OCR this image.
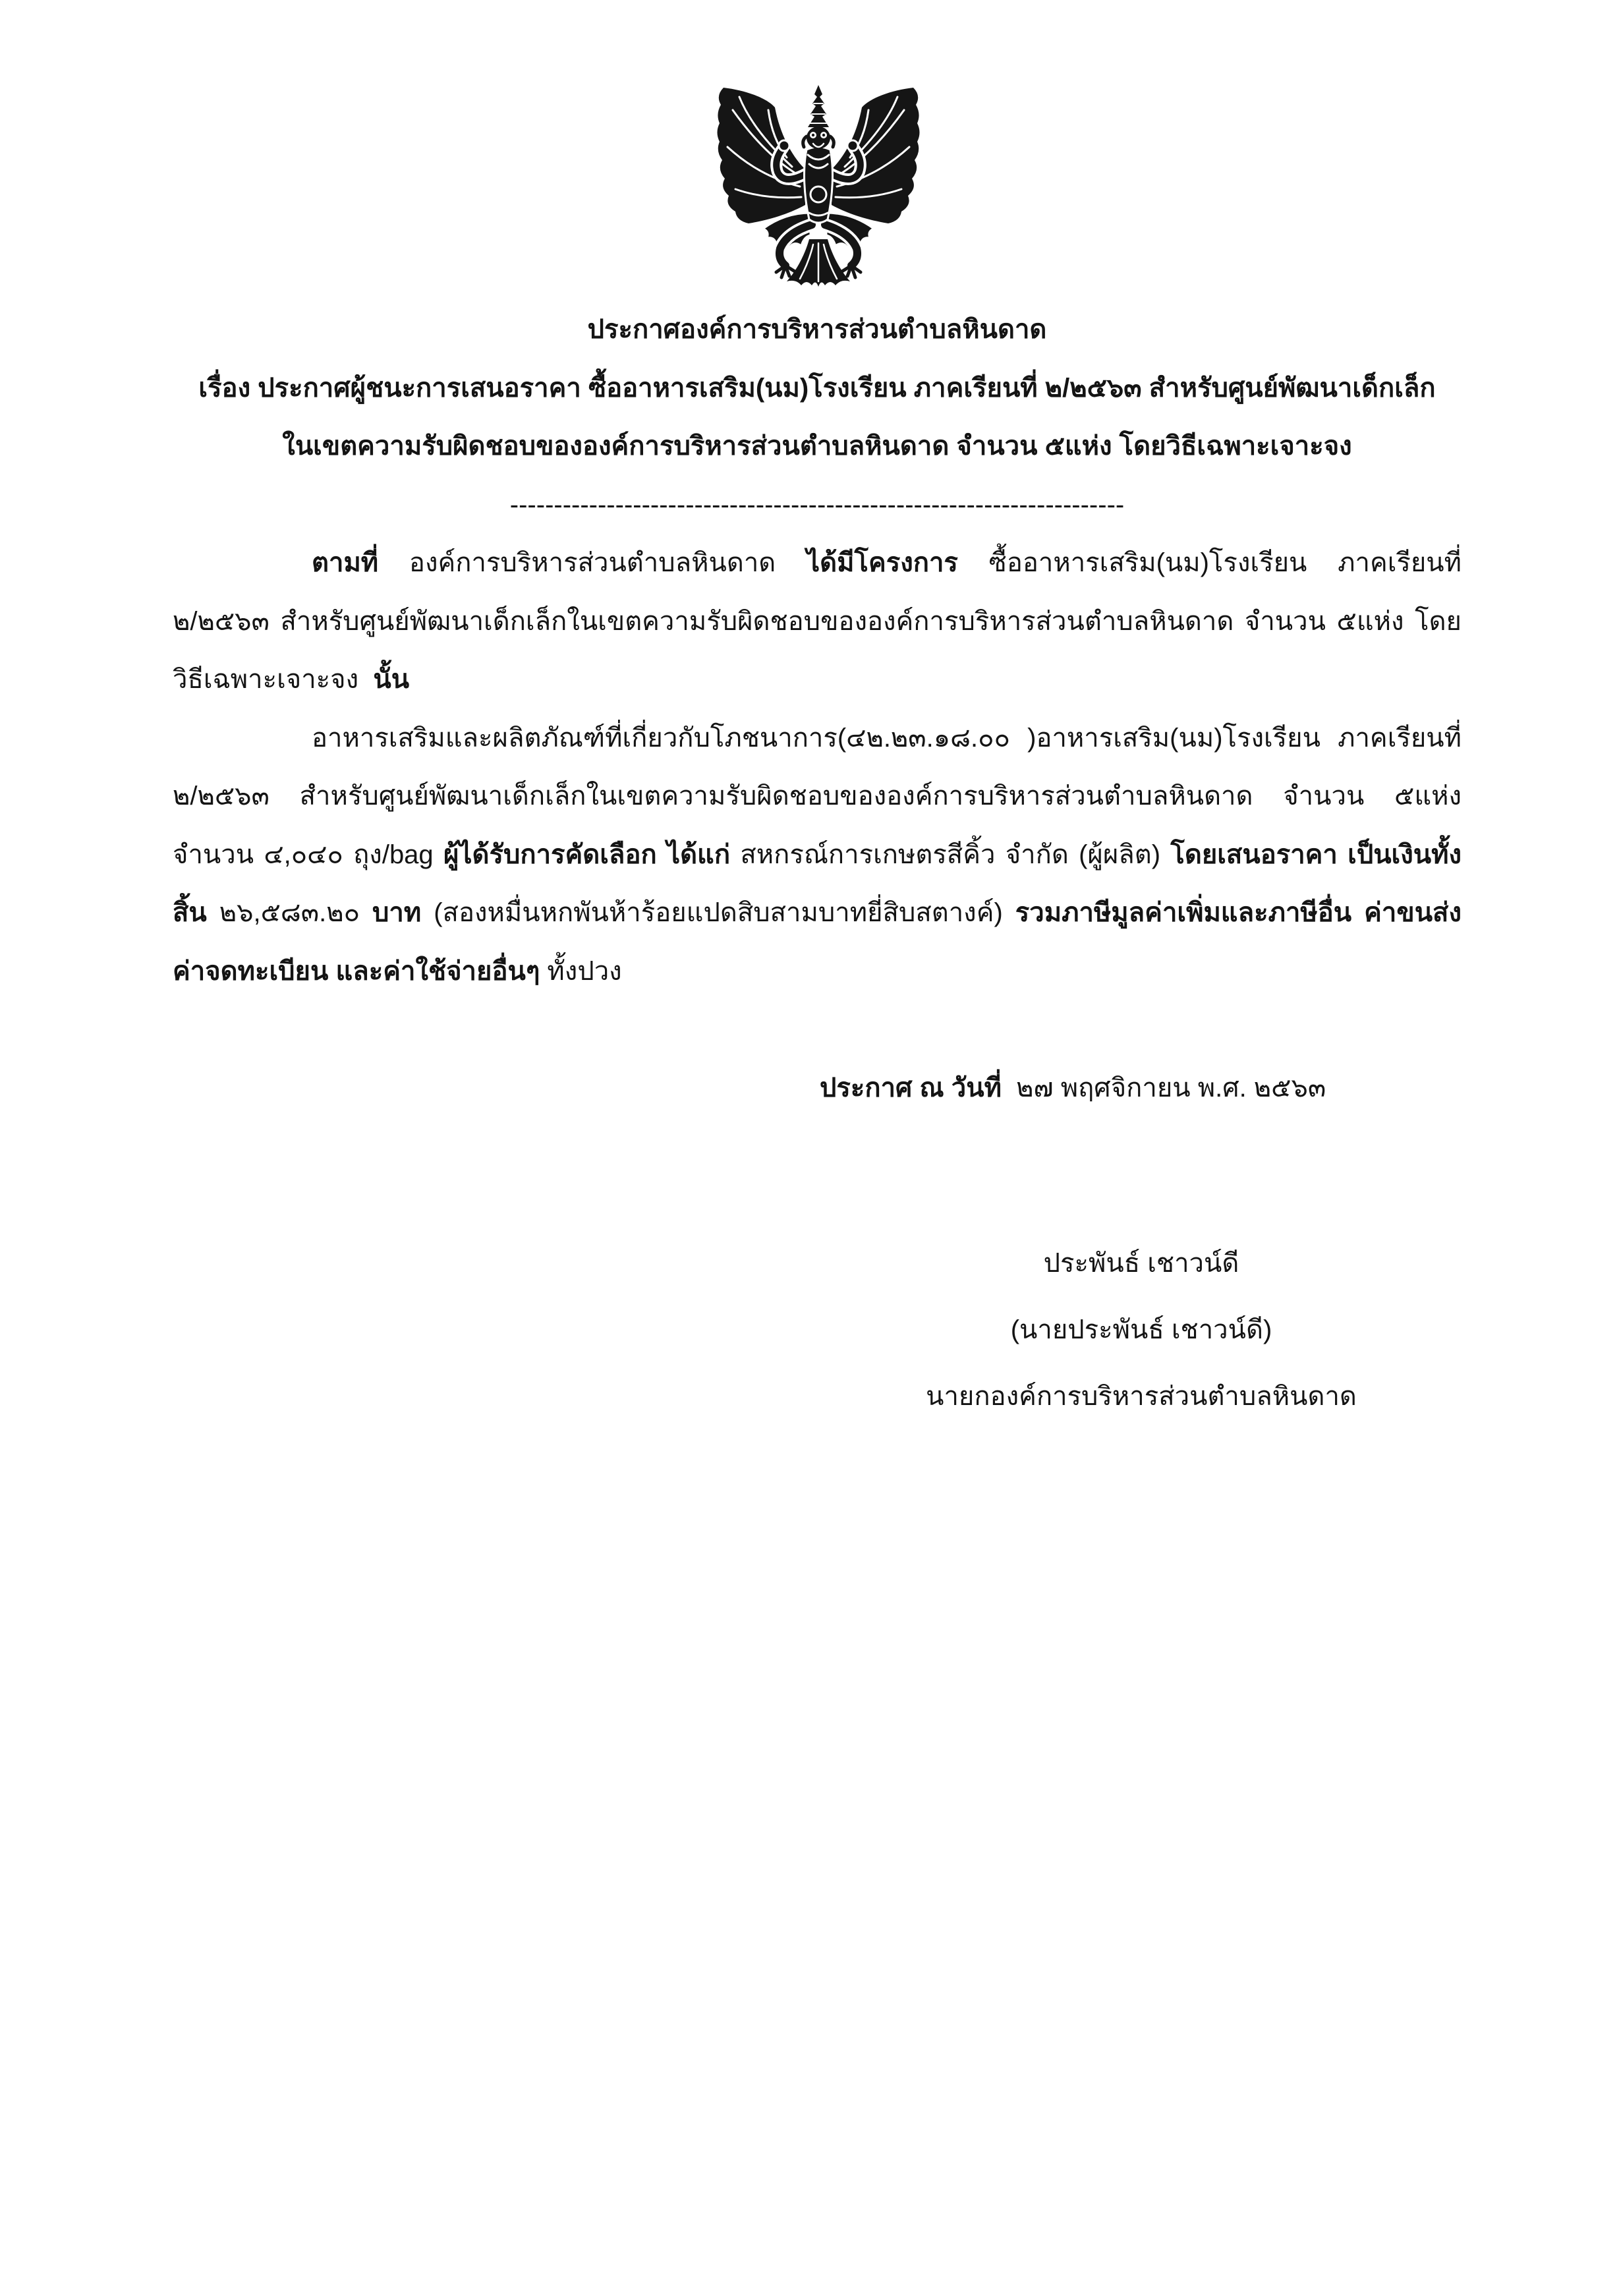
ประกาศองค์การบริหารส่วนตำบลหินดาด
เรื่อง ประกาศผู้ชนะการเสนอราคา ซื้ออาหารเสริม(นม)โรงเรียน ภาคเรียนที่ ๒/๒๕๖๓ สำหรับศูนย์พัฒนาเด็กเล็ก
ในเขตความรับผิดชอบขององค์การบริหารส่วนตำบลหินดาด จำนวน ๕แห่ง โดยวิธีเฉพาะเจาะจง
----------------------------------------------------------------------
ตามที่ องค์การบริหารส่วนตำบลหินดาด ได้มีโครงการ ซื้ออาหารเสริม(นม)โรงเรียน ภาคเรียนที่
๒/๒๕๖๓ สำหรับศูนย์พัฒนาเด็กเล็กในเขตความรับผิดชอบขององค์การบริหารส่วนตำบลหินดาด จำนวน ๕แห่ง โดย
วิธีเฉพาะเจาะจง  นั้น
อาหารเสริมและผลิตภัณฑ์ที่เกี่ยวกับโภชนาการ(๔๒.๒๓.๑๘.๐๐ )อาหารเสริม(นม)โรงเรียน ภาคเรียนที่
๒/๒๕๖๓ สำหรับศูนย์พัฒนาเด็กเล็กในเขตความรับผิดชอบขององค์การบริหารส่วนตำบลหินดาด จำนวน ๕แห่ง
จำนวน ๔,๐๔๐ ถุง/bag ผู้ได้รับการคัดเลือก ได้แก่ สหกรณ์การเกษตรสีคิ้ว จำกัด (ผู้ผลิต) โดยเสนอราคา เป็นเงินทั้ง
สิ้น ๒๖,๕๘๓.๒๐ บาท (สองหมื่นหกพันห้าร้อยแปดสิบสามบาทยี่สิบสตางค์) รวมภาษีมูลค่าเพิ่มและภาษีอื่น ค่าขนส่ง
ค่าจดทะเบียน และค่าใช้จ่ายอื่นๆ ทั้งปวง
ประกาศ ณ วันที่  ๒๗ พฤศจิกายน พ.ศ. ๒๕๖๓
ประพันธ์ เชาวน์ดี
(นายประพันธ์ เชาวน์ดี)
นายกองค์การบริหารส่วนตำบลหินดาด
